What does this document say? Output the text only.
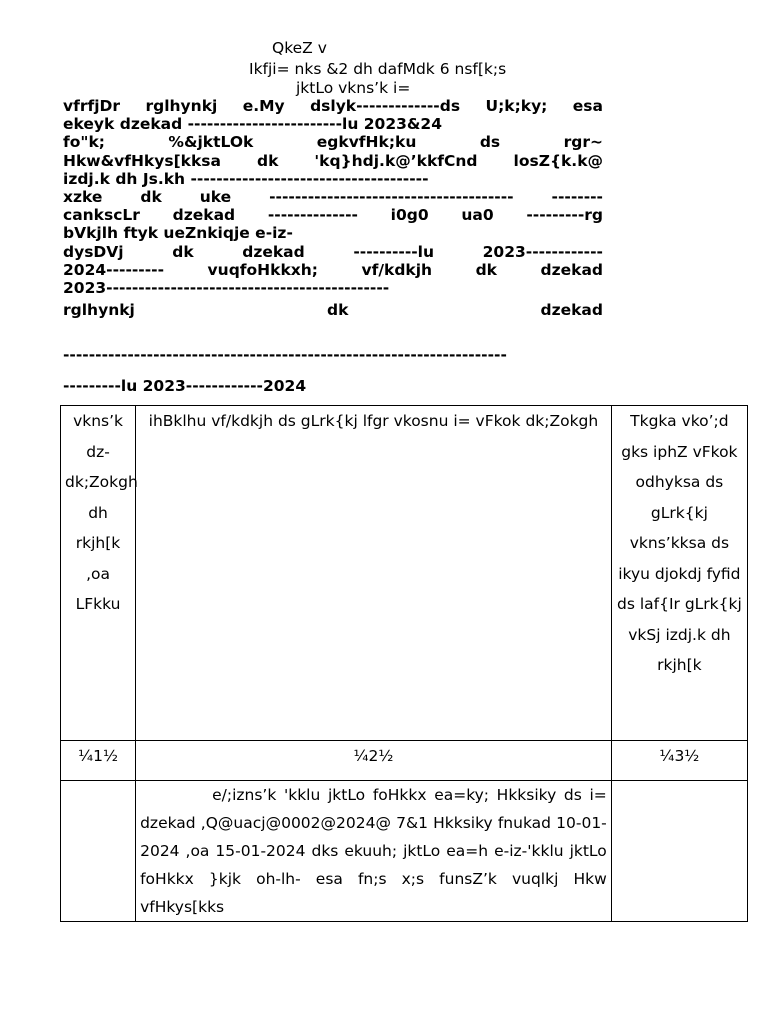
QkeZ v
Ikfji= nks &2 dh dafMdk 6 nsf[k;s
jktLo vkns’k i=
vfrfjDr rglhynkj e.My dslyk-------------ds U;k;ky; esa
ekeyk dzekad ------------------------lu 2023&24
fo"k; %&jktLOk egkvfHk;ku ds rgr~
Hkw&vfHkys[kksa dk 'kq}hdj.k@’kkfCnd losZ{k.k@
izdj.k dh Js.kh -------------------------------------
xzke dk uke -------------------------------------- --------
cankscLr dzekad -------------- i0g0 ua0 ---------rg
bVkjlh ftyk ueZnkiqje e-iz-
dysDVj dk dzekad ----------lu 2023------------
2024--------- vuqfoHkkxh; vf/kdkjh dk dzekad
2023--------------------------------------------
rglhynkj dk dzekad
---------------------------------------------------------------------
---------lu 2023------------2024
vkns’k dz- dk;Zokgh dh rkjh[k ,oa LFkku	ihBklhu vf/kdkjh ds gLrk{kj lfgr vkosnu i= vFkok dk;Zokgh	Tkgka vko’;d gks iphZ vFkok odhyksa ds gLrk{kj vkns’kksa ds ikyu djokdj fyfid ds laf{Ir gLrk{kj vkSj izdj.k dh rkjh[k
¼1½	¼2½	¼3½
	e/;izns’k 'kklu jktLo foHkkx ea=ky; Hkksiky ds i= dzekad ,Q@uacj@0002@2024@ 7&1 Hkksiky fnukad 10-01-2024 ,oa 15-01-2024 dks ekuuh; jktLo ea=h e-iz-'kklu jktLo foHkkx }kjk oh-lh- esa fn;s x;s funsZ’k vuqlkj Hkw vfHkys[kks	
